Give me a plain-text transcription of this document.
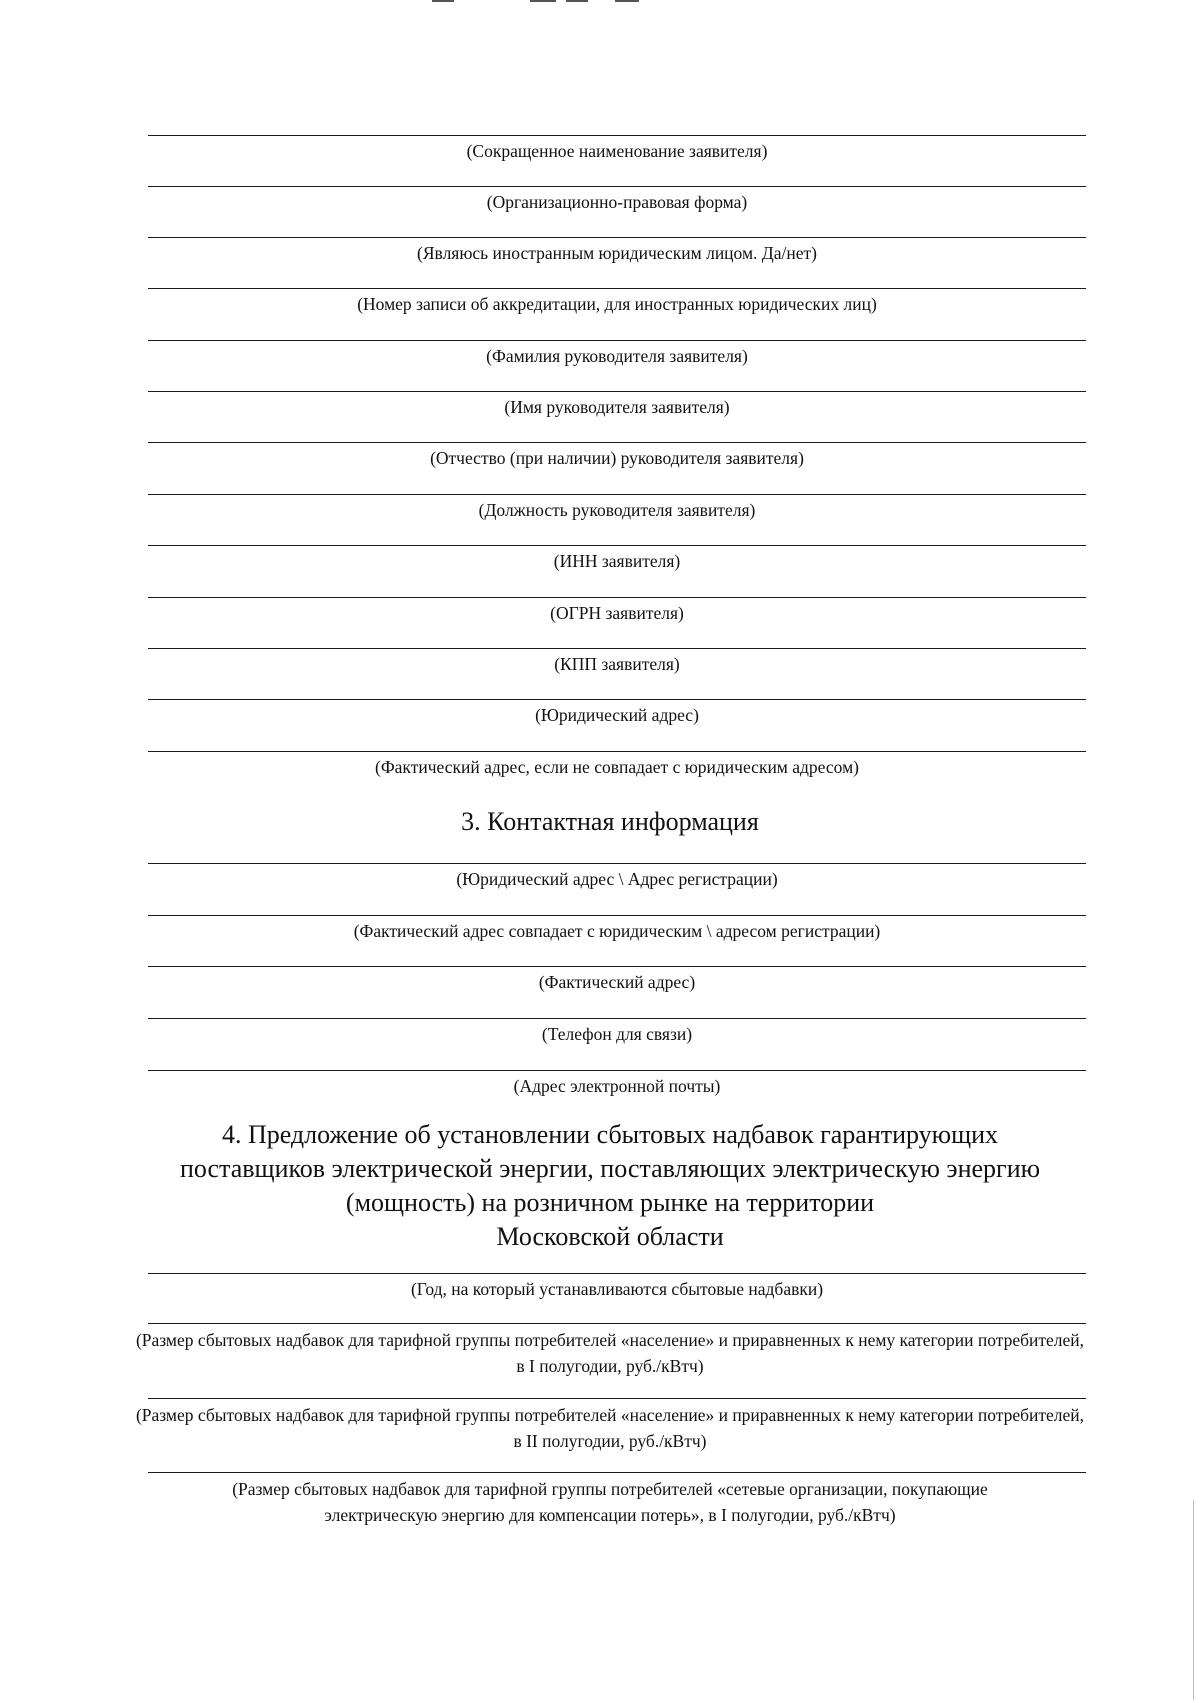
(Сокращенное наименование заявителя)
(Организационно-правовая форма)
(Являюсь иностранным юридическим лицом. Да/нет)
(Номер записи об аккредитации, для иностранных юридических лиц)
(Фамилия руководителя заявителя)
(Имя руководителя заявителя)
(Отчество (при наличии) руководителя заявителя)
(Должность руководителя заявителя)
(ИНН заявителя)
(ОГРН заявителя)
(КПП заявителя)
(Юридический адрес)
(Фактический адрес, если не совпадает с юридическим адресом)
3. Контактная информация
(Юридический адрес \ Адрес регистрации)
(Фактический адрес совпадает с юридическим \ адресом регистрации)
(Фактический адрес)
(Телефон для связи)
(Адрес электронной почты)
4. Предложение об установлении сбытовых надбавок гарантирующих
поставщиков электрической энергии, поставляющих электрическую энергию
(мощность) на розничном рынке на территории
Московской области
(Год, на который устанавливаются сбытовые надбавки)
(Размер сбытовых надбавок для тарифной группы потребителей «население» и приравненных к нему категории потребителей, в I полугодии, руб./кВтч)
(Размер сбытовых надбавок для тарифной группы потребителей «население» и приравненных к нему категории потребителей, в II полугодии, руб./кВтч)
(Размер сбытовых надбавок для тарифной группы потребителей «сетевые организации, покупающие электрическую энергию для компенсации потерь», в I полугодии, руб./кВтч)
